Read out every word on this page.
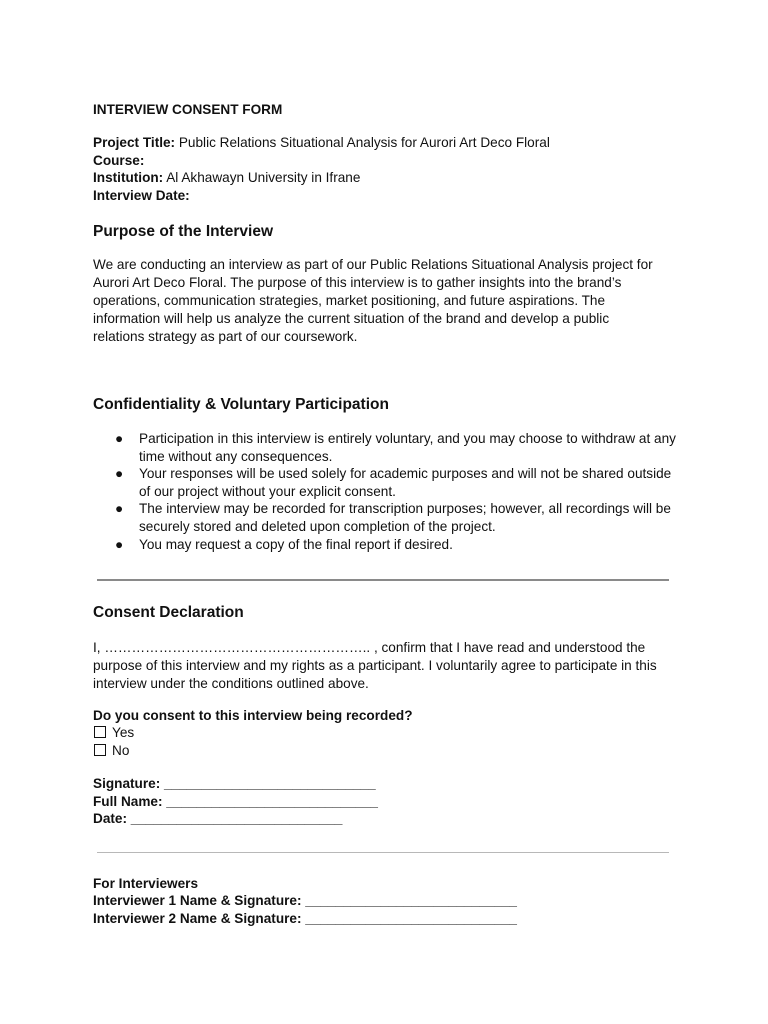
INTERVIEW CONSENT FORM
Project Title: Public Relations Situational Analysis for Aurori Art Deco Floral
Course:
Institution: Al Akhawayn University in Ifrane
Interview Date:
Purpose of the Interview
We are conducting an interview as part of our Public Relations Situational Analysis project for Aurori Art Deco Floral. The purpose of this interview is to gather insights into the brand’s operations, communication strategies, market positioning, and future aspirations. The information will help us analyze the current situation of the brand and develop a public relations strategy as part of our coursework.
Confidentiality & Voluntary Participation
● Participation in this interview is entirely voluntary, and you may choose to withdraw at any time without any consequences.
● Your responses will be used solely for academic purposes and will not be shared outside of our project without your explicit consent.
● The interview may be recorded for transcription purposes; however, all recordings will be securely stored and deleted upon completion of the project.
● You may request a copy of the final report if desired.
Consent Declaration
I, ………………………………………………….. , confirm that I have read and understood the purpose of this interview and my rights as a participant. I voluntarily agree to participate in this interview under the conditions outlined above.
Do you consent to this interview being recorded?
Yes
No
Signature: ____________________________
Full Name: ____________________________
Date: ____________________________
For Interviewers
Interviewer 1 Name & Signature: ____________________________
Interviewer 2 Name & Signature: ____________________________
